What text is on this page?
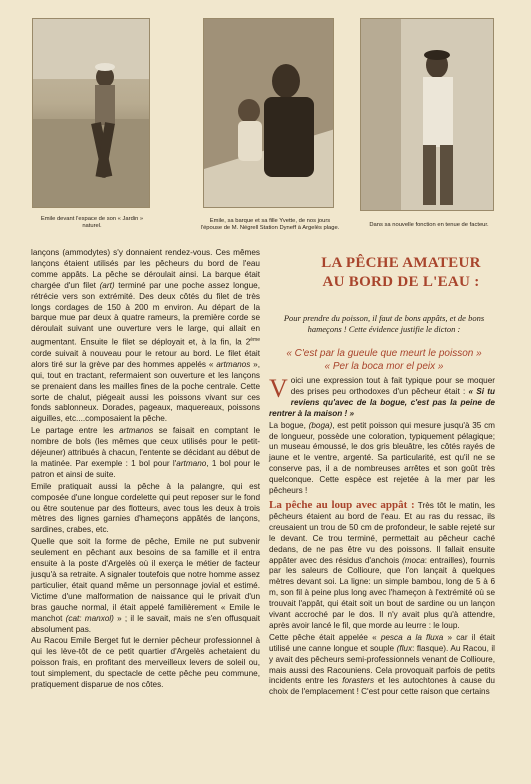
Emile devant l'espace de son « Jardin » naturel.
Emile, sa barque et sa fille Yvette, de nos jours l'épouse de M. Négrell Station Dyneff à Argelès plage.	Dans sa nouvelle fonction en tenue de facteur.

lançons (ammodytes) s'y donnaient rendez-vous. Ces mêmes lançons étaient utilisés par les pêcheurs du bord de l'eau comme appâts. La pêche se déroulait ainsi. La barque était chargée d'un filet (art) terminé par une poche assez longue, rétrécie vers son extrémité. Des deux côtés du filet de très longs cordages de 150 à 200 m environ. Au départ de la barque mue par deux à quatre rameurs, la première corde se déroulait suivant une ouverture vers le large, qui allait en augmentant. Ensuite le filet se déployait et, à la fin, la 2ème corde suivait à nouveau pour le retour au bord. Le filet était alors tiré sur la grève par des hommes appelés « artmanos », qui, tout en tractant, refermaient son ouverture et les lançons se prenaient dans les mailles fines de la poche centrale. Cette sorte de chalut, piégeait aussi les poissons vivant sur ces fonds sablonneux. Dorades, pageaux, maquereaux, poissons aiguilles, etc....composaient la pêche.

Le partage entre les artmanos se faisait en comptant le nombre de bols (les mêmes que ceux utilisés pour le petit-déjeuner) attribués à chacun, l'entente se décidant au début de la matinée. Par exemple : 1 bol pour l'artmano, 1 bol pour le patron et ainsi de suite.

Emile pratiquait aussi la pêche à la palangre, qui est composée d'une longue cordelette qui peut reposer sur le fond ou être soutenue par des flotteurs, avec tous les deux à trois mètres des lignes garnies d'hameçons appâtés de lançons, sardines, crabes, etc.

Quelle que soit la forme de pêche, Emile ne put subvenir seulement en pêchant aux besoins de sa famille et il entra ensuite à la poste d'Argelès où il exerça le métier de facteur jusqu'à sa retraite. A signaler toutefois que notre homme assez particulier, était quand même un personnage jovial et estimé. Victime d'une malformation de naissance qui le privait d'un bras gauche normal, il était appelé familièrement « Emile le manchot (cat: manxol) » ; il le savait, mais ne s'en offusquait absolument pas.

Au Racou Emile Berget fut le dernier pêcheur professionnel à qui les lève-tôt de ce petit quartier d'Argelès achetaient du poisson frais, en profitant des merveilleux levers de soleil ou, tout simplement, du spectacle de cette pêche peu commune, pratiquement disparue de nos côtes.

LA PÊCHE AMATEUR
AU BORD DE L'EAU :
Pour prendre du poisson, il faut de bons appâts, et de bons hameçons ! Cette évidence justifie le dicton :
« C'est par la gueule que meurt le poisson »
« Per la boca mor el peix »

Voici une expression tout à fait typique pour se moquer des prises peu orthodoxes d'un pêcheur était : « Si tu reviens qu'avec de la bogue, c'est pas la peine de rentrer à la maison ! »

La bogue, (boga), est petit poisson qui mesure jusqu'à 35 cm de longueur, possède une coloration, typiquement pélagique; un museau émoussé, le dos gris bleuâtre, les côtés rayés de jaune et le ventre, argenté. Sa particularité, est qu'il ne se conserve pas, il a de nombreuses arrêtes et son goût très quelconque. Cette espèce est rejetée à la mer par les pêcheurs !

La pêche au loup avec appât : Très tôt le matin, les pêcheurs étaient au bord de l'eau. Et au ras du ressac, ils creusaient un trou de 50 cm de profondeur, le sable rejeté sur le devant. Ce trou terminé, permettait au pêcheur caché dedans, de ne pas être vu des poissons. Il fallait ensuite appâter avec des résidus d'anchois (moca: entrailles), fournis par les saleurs de Collioure, que l'on lançait à quelques mètres devant soi. La ligne: un simple bambou, long de 5 à 6 m, son fil à peine plus long avec l'hameçon à l'extrémité où se trouvait l'appât, qui était soit un bout de sardine ou un lançon vivant accroché par le dos. Il n'y avait plus qu'à attendre, après avoir lancé le fil, que morde au leurre : le loup.

Cette pêche était appelée « pesca a la fluxa » car il était utilisé une canne longue et souple (flux: flasque). Au Racou, il y avait des pêcheurs semi-professionnels venant de Collioure, mais aussi des Racouniens. Cela provoquait parfois de petits incidents entre les forasters et les autochtones à cause du choix de l'emplacement ! C'est pour cette raison que certains
